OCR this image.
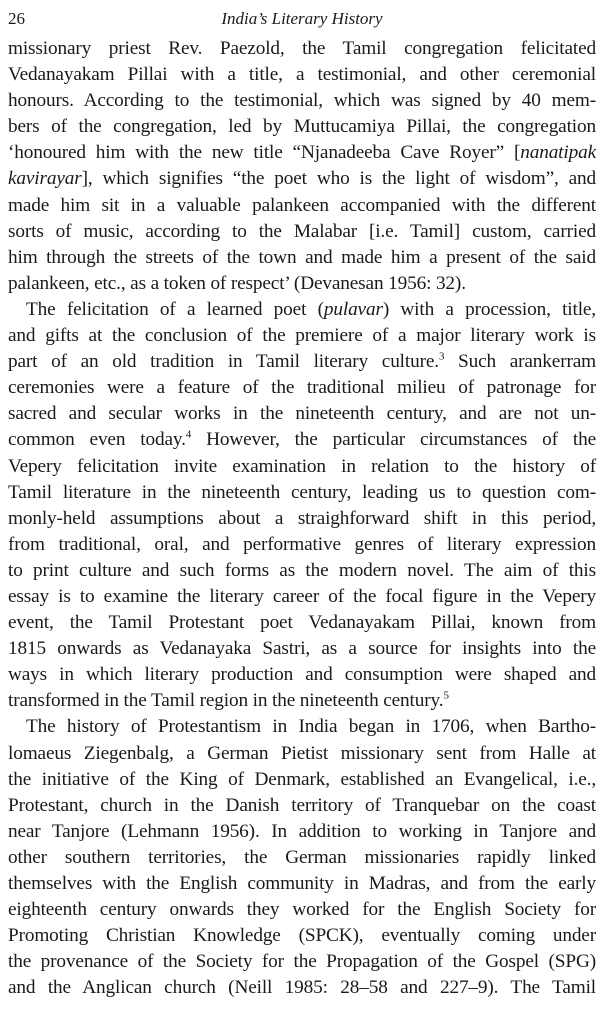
26	India’s Literary History
missionary priest Rev. Paezold, the Tamil congregation felicitated
Vedanayakam Pillai with a title, a testimonial, and other ceremonial
honours. According to the testimonial, which was signed by 40 mem-
bers of the congregation, led by Muttucamiya Pillai, the congregation
‘honoured him with the new title “Njanadeeba Cave Royer” [nanatipak
kavirayar], which signifies “the poet who is the light of wisdom”, and
made him sit in a valuable palankeen accompanied with the different
sorts of music, according to the Malabar [i.e. Tamil] custom, carried
him through the streets of the town and made him a present of the said
palankeen, etc., as a token of respect’ (Devanesan 1956: 32).
The felicitation of a learned poet (pulavar) with a procession, title,
and gifts at the conclusion of the premiere of a major literary work is
part of an old tradition in Tamil literary culture.$^3$ Such arankerram
ceremonies were a feature of the traditional milieu of patronage for
sacred and secular works in the nineteenth century, and are not un-
common even today.$^4$ However, the particular circumstances of the
Vepery felicitation invite examination in relation to the history of
Tamil literature in the nineteenth century, leading us to question com-
monly-held assumptions about a straighforward shift in this period,
from traditional, oral, and performative genres of literary expression
to print culture and such forms as the modern novel. The aim of this
essay is to examine the literary career of the focal figure in the Vepery
event, the Tamil Protestant poet Vedanayakam Pillai, known from
1815 onwards as Vedanayaka Sastri, as a source for insights into the
ways in which literary production and consumption were shaped and
transformed in the Tamil region in the nineteenth century.$^5$
The history of Protestantism in India began in 1706, when Bartho-
lomaeus Ziegenbalg, a German Pietist missionary sent from Halle at
the initiative of the King of Denmark, established an Evangelical, i.e.,
Protestant, church in the Danish territory of Tranquebar on the coast
near Tanjore (Lehmann 1956). In addition to working in Tanjore and
other southern territories, the German missionaries rapidly linked
themselves with the English community in Madras, and from the early
eighteenth century onwards they worked for the English Society for
Promoting Christian Knowledge (SPCK), eventually coming under
the provenance of the Society for the Propagation of the Gospel (SPG)
and the Anglican church (Neill 1985: 28–58 and 227–9). The Tamil
